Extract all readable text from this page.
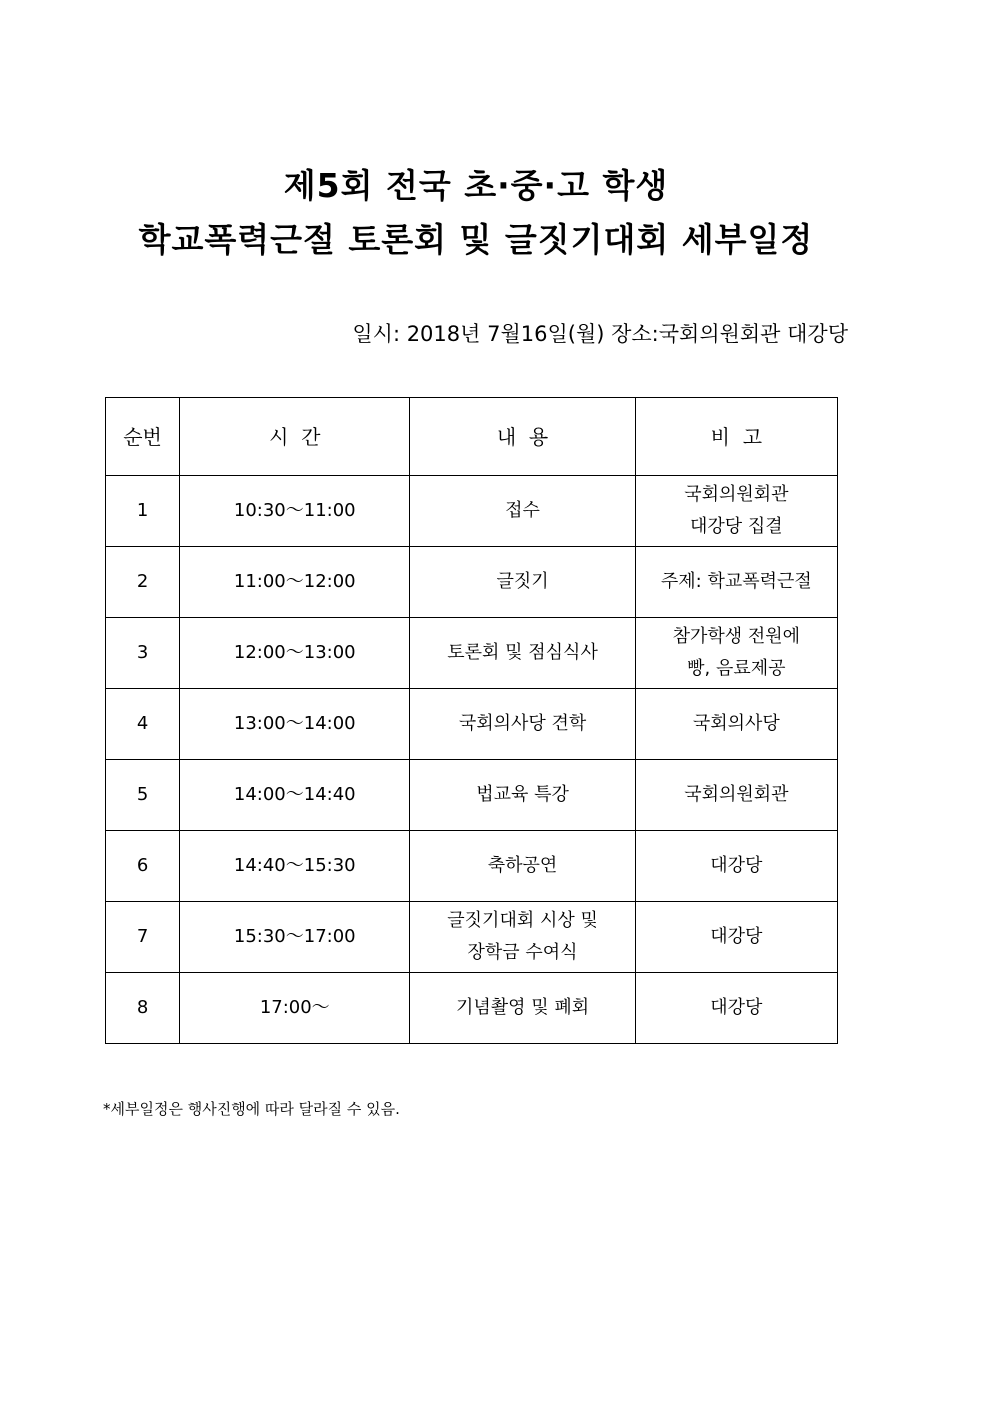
제5회 전국 초·중·고 학생
학교폭력근절 토론회 및 글짓기대회 세부일정
일시: 2018년 7월16일(월) 장소:국회의원회관 대강당
순번	시  간	내  용	비  고

1	10:30～11:00	접수	국회의원회관
대강당 집결

2	11:00～12:00	글짓기	주제: 학교폭력근절

3	12:00～13:00	토론회 및 점심식사	참가학생 전원에
빵, 음료제공

4	13:00～14:00	국회의사당 견학	국회의사당

5	14:00～14:40	법교육 특강	국회의원회관

6	14:40～15:30	축하공연	대강당

7	15:30～17:00	글짓기대회 시상 및
장학금 수여식	대강당

8	17:00～	기념촬영 및 폐회	대강당
*세부일정은 행사진행에 따라 달라질 수 있음.
